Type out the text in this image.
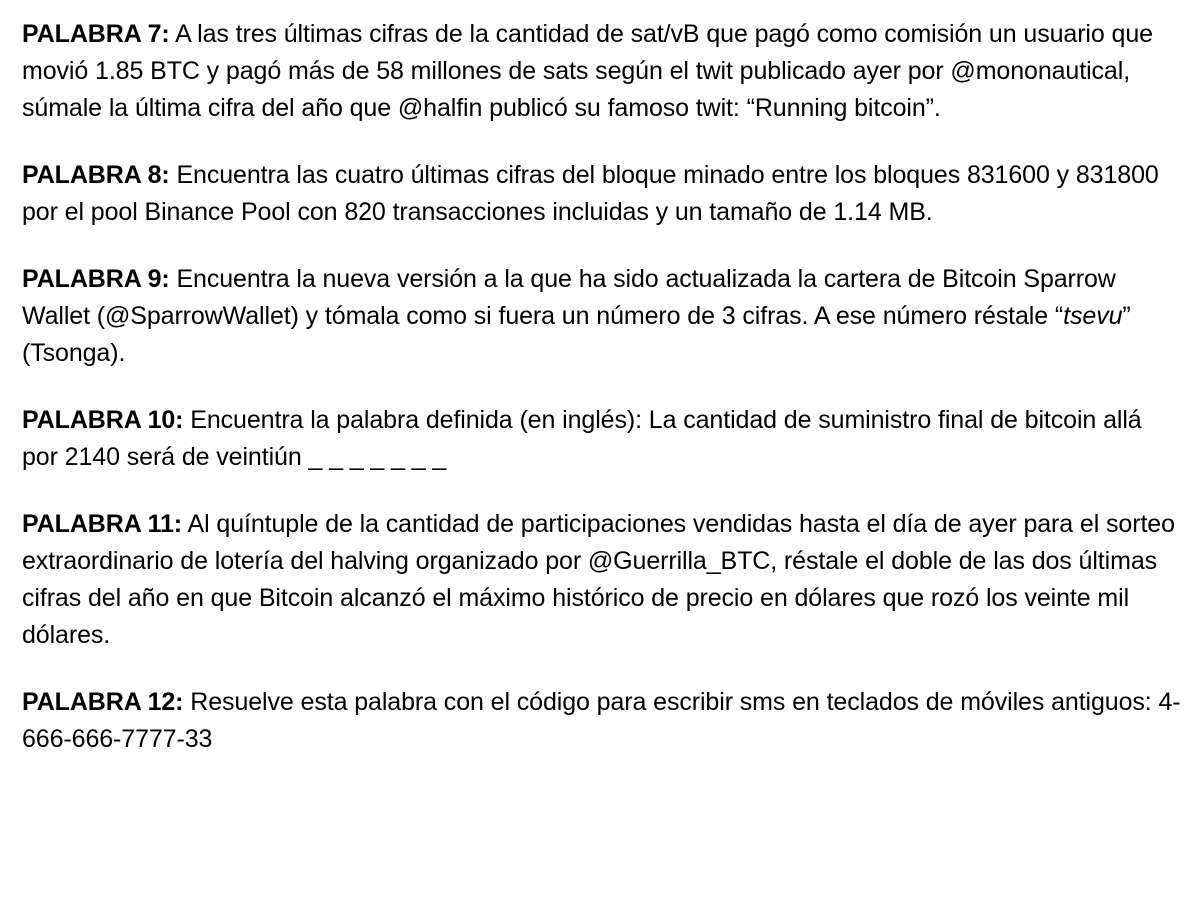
PALABRA 7: A las tres últimas cifras de la cantidad de sat/vB que pagó como comisión un usuario que movió 1.85 BTC y pagó más de 58 millones de sats según el twit publicado ayer por @mononautical, súmale la última cifra del año que @halfin publicó su famoso twit: “Running bitcoin”.

PALABRA 8: Encuentra las cuatro últimas cifras del bloque minado entre los bloques 831600 y 831800 por el pool Binance Pool con 820 transacciones incluidas y un tamaño de 1.14 MB.

PALABRA 9: Encuentra la nueva versión a la que ha sido actualizada la cartera de Bitcoin Sparrow Wallet (@SparrowWallet) y tómala como si fuera un número de 3 cifras. A ese número réstale “tsevu” (Tsonga).

PALABRA 10: Encuentra la palabra definida (en inglés): La cantidad de suministro final de bitcoin allá por 2140 será de veintiún _ _ _ _ _ _ _

PALABRA 11: Al quíntuple de la cantidad de participaciones vendidas hasta el día de ayer para el sorteo extraordinario de lotería del halving organizado por @Guerrilla_BTC, réstale el doble de las dos últimas cifras del año en que Bitcoin alcanzó el máximo histórico de precio en dólares que rozó los veinte mil dólares.

PALABRA 12: Resuelve esta palabra con el código para escribir sms en teclados de móviles antiguos: 4-666-666-7777-33
